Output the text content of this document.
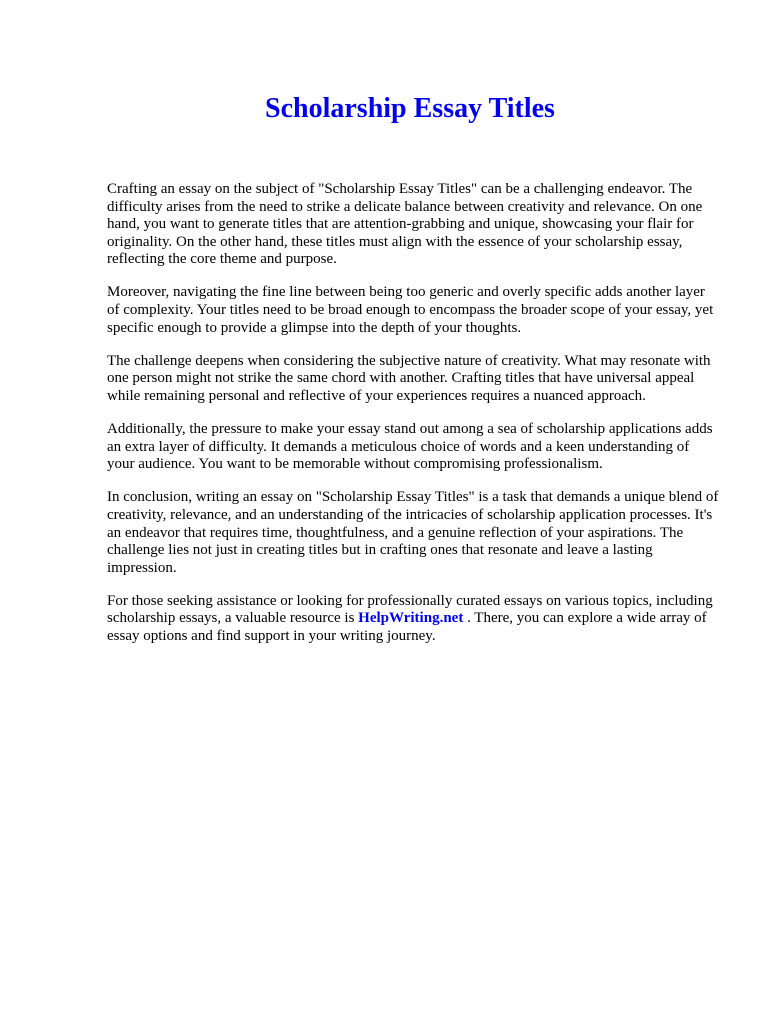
Scholarship Essay Titles

Crafting an essay on the subject of "Scholarship Essay Titles" can be a challenging endeavor. The difficulty arises from the need to strike a delicate balance between creativity and relevance. On one hand, you want to generate titles that are attention-grabbing and unique, showcasing your flair for originality. On the other hand, these titles must align with the essence of your scholarship essay, reflecting the core theme and purpose.

Moreover, navigating the fine line between being too generic and overly specific adds another layer of complexity. Your titles need to be broad enough to encompass the broader scope of your essay, yet specific enough to provide a glimpse into the depth of your thoughts.

The challenge deepens when considering the subjective nature of creativity. What may resonate with one person might not strike the same chord with another. Crafting titles that have universal appeal while remaining personal and reflective of your experiences requires a nuanced approach.

Additionally, the pressure to make your essay stand out among a sea of scholarship applications adds an extra layer of difficulty. It demands a meticulous choice of words and a keen understanding of your audience. You want to be memorable without compromising professionalism.

In conclusion, writing an essay on "Scholarship Essay Titles" is a task that demands a unique blend of creativity, relevance, and an understanding of the intricacies of scholarship application processes. It's an endeavor that requires time, thoughtfulness, and a genuine reflection of your aspirations. The challenge lies not just in creating titles but in crafting ones that resonate and leave a lasting impression.

For those seeking assistance or looking for professionally curated essays on various topics, including scholarship essays, a valuable resource is HelpWriting.net . There, you can explore a wide array of essay options and find support in your writing journey.
